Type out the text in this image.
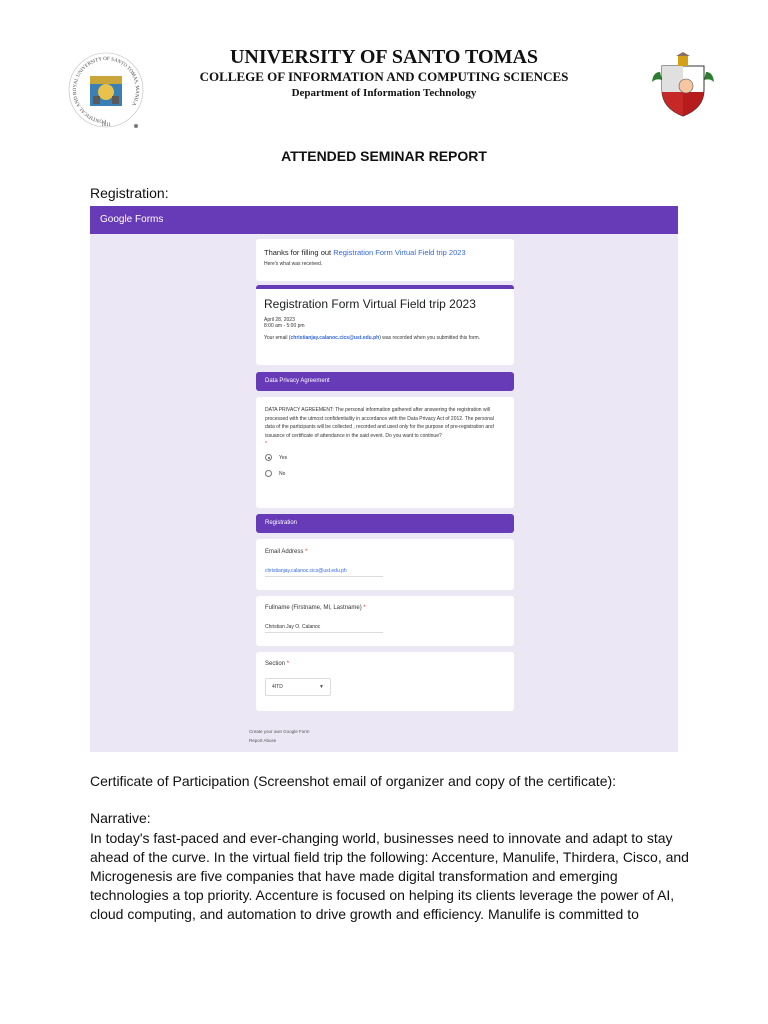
PONTIFICAL AND ROYAL UNIVERSITY OF SANTO TOMAS, MANILA
1611
UNIVERSITY OF SANTO TOMAS
COLLEGE OF INFORMATION AND COMPUTING SCIENCES
Department of Information Technology
ATTENDED SEMINAR REPORT
Registration:
Google Forms
Thanks for filling out Registration Form Virtual Field trip 2023
Here's what was received.
Registration Form Virtual Field trip 2023
April 28, 2023
8:00 am - 5:00 pm
Your email (christianjay.calanoc.cics@ust.edu.ph) was recorded when you submitted this form.
Data Privacy Agreement
DATA PRIVACY AGREEMENT: The personal information gathered after answering the registration will processed with the utmost confidentiality in accordance with the Data Privacy Act of 2012. The personal data of the participants will be collected , recorded and used only for the purpose of pre-registration and issuance of certificate of attendance in the said event. Do you want to continue?
*
Yes
No
Registration
Email Address *
christianjay.calanoc.cics@ust.edu.ph
Fullname (Firstname, MI, Lastname) *
Christian Jay O. Calanoc
Section *
4ITD	▼
Create your own Google Form
Report Abuse
Certificate of Participation (Screenshot email of organizer and copy of the certificate):
Narrative:
In today's fast-paced and ever-changing world, businesses need to innovate and adapt to stay ahead of the curve. In the virtual field trip the following: Accenture, Manulife, Thirdera, Cisco, and Microgenesis are five companies that have made digital transformation and emerging technologies a top priority. Accenture is focused on helping its clients leverage the power of AI, cloud computing, and automation to drive growth and efficiency. Manulife is committed to
